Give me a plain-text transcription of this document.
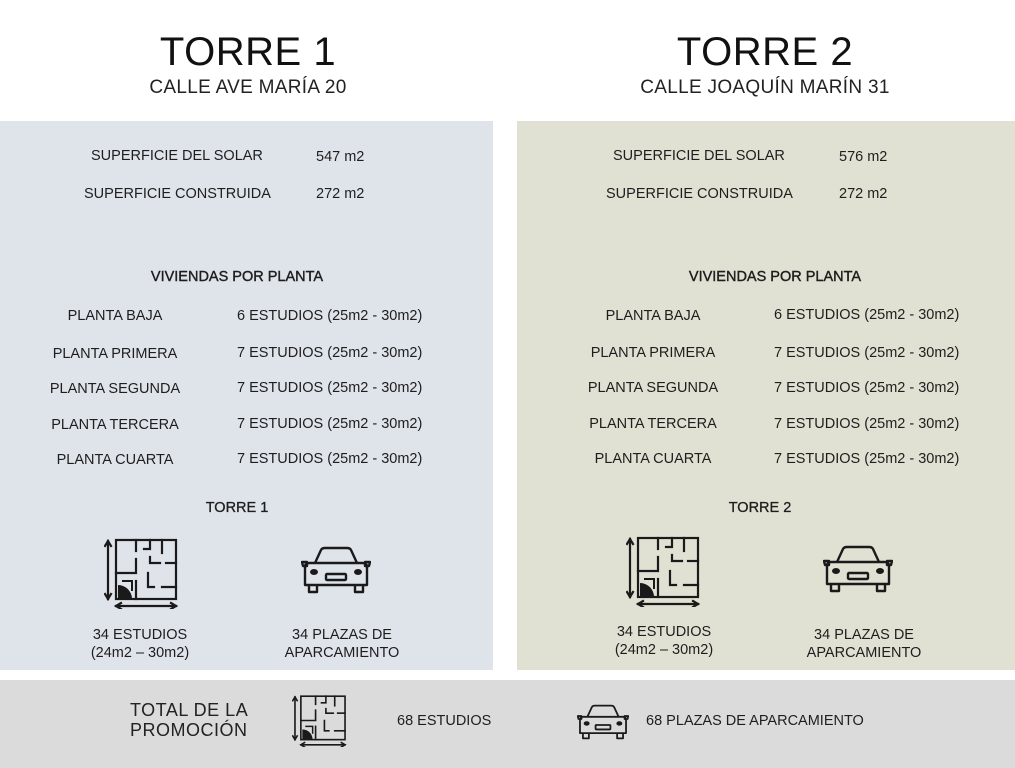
TORRE 1
CALLE AVE MARÍA 20
TORRE 2
CALLE JOAQUÍN MARÍN 31
SUPERFICIE DEL SOLAR	547 m2
SUPERFICIE CONSTRUIDA	272 m2
VIVIENDAS POR PLANTA
PLANTA BAJA	6 ESTUDIOS (25m2 - 30m2)
PLANTA PRIMERA	7 ESTUDIOS (25m2 - 30m2)
PLANTA SEGUNDA	7 ESTUDIOS (25m2 - 30m2)
PLANTA TERCERA	7 ESTUDIOS (25m2 - 30m2)
PLANTA CUARTA	7 ESTUDIOS (25m2 - 30m2)
TORRE 1
34 ESTUDIOS
(24m2 – 30m2)
34 PLAZAS DE
APARCAMIENTO
SUPERFICIE DEL SOLAR	576 m2
SUPERFICIE CONSTRUIDA	272 m2
VIVIENDAS POR PLANTA
PLANTA BAJA	6 ESTUDIOS (25m2 - 30m2)
PLANTA PRIMERA	7 ESTUDIOS (25m2 - 30m2)
PLANTA SEGUNDA	7 ESTUDIOS (25m2 - 30m2)
PLANTA TERCERA	7 ESTUDIOS (25m2 - 30m2)
PLANTA CUARTA	7 ESTUDIOS (25m2 - 30m2)
TORRE 2
34 ESTUDIOS
(24m2 – 30m2)
34 PLAZAS DE
APARCAMIENTO
TOTAL DE LA
PROMOCIÓN	68 ESTUDIOS	68 PLAZAS DE APARCAMIENTO
